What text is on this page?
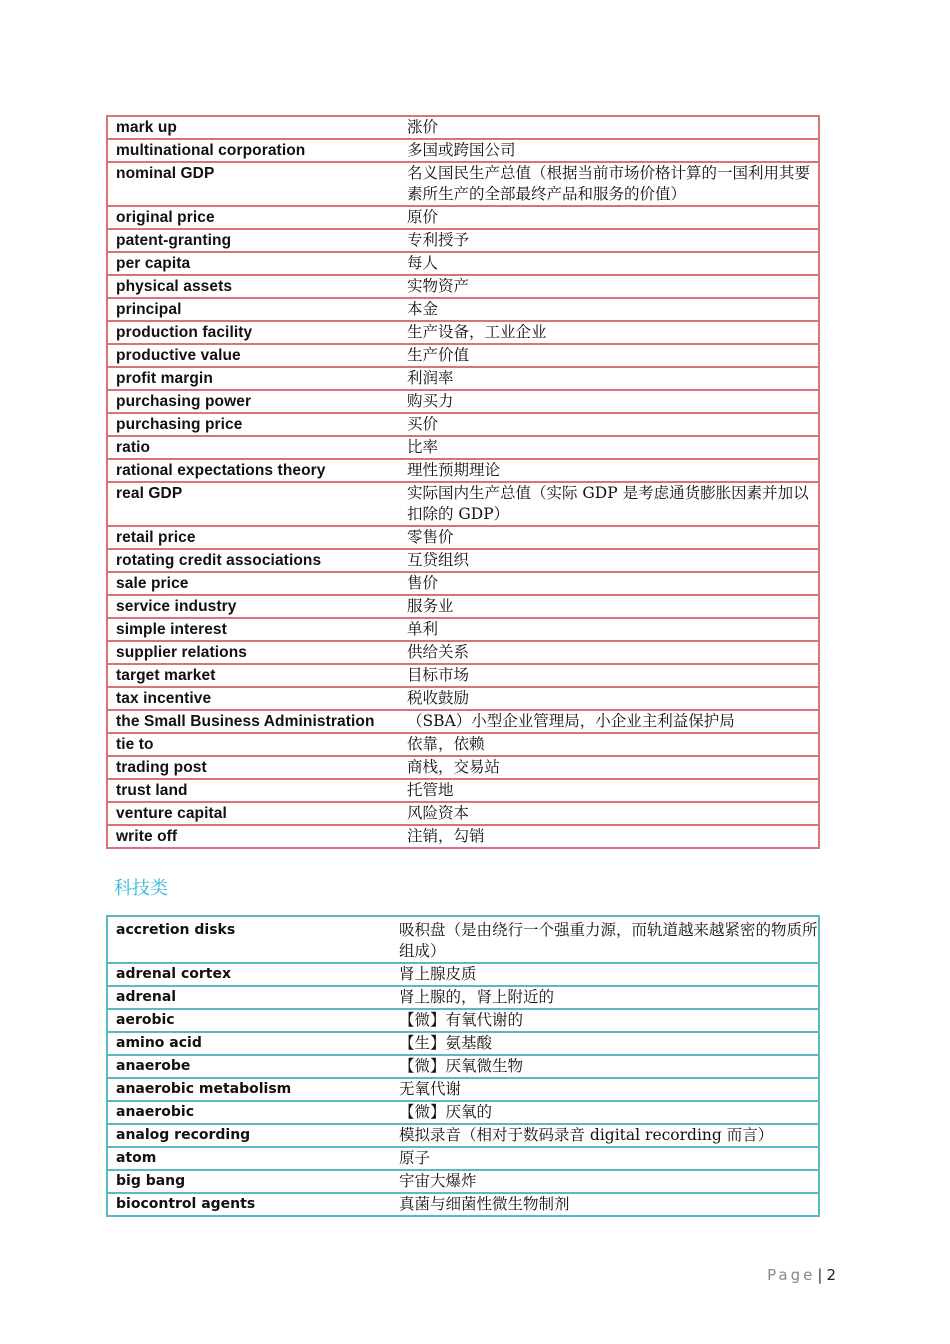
mark up	涨价
multinational corporation	多国或跨国公司
nominal GDP	名义国民生产总值（根据当前市场价格计算的一国利用其要素所生产的全部最终产品和服务的价值）
original price	原价
patent-granting	专利授予
per capita	每人
physical assets	实物资产
principal	本金
production facility	生产设备，工业企业
productive value	生产价值
profit margin	利润率
purchasing power	购买力
purchasing price	买价
ratio	比率
rational expectations theory	理性预期理论
real GDP	实际国内生产总值（实际 GDP 是考虑通货膨胀因素并加以扣除的 GDP）
retail price	零售价
rotating credit associations	互贷组织
sale price	售价
service industry	服务业
simple interest	单利
supplier relations	供给关系
target market	目标市场
tax incentive	税收鼓励
the Small Business Administration	（SBA）小型企业管理局，小企业主利益保护局
tie to	依靠，依赖
trading post	商栈，交易站
trust land	托管地
venture capital	风险资本
write off	注销，勾销
科技类
accretion disks	吸积盘（是由绕行一个强重力源，而轨道越来越紧密的物质所组成）
adrenal cortex	肾上腺皮质
adrenal	肾上腺的，肾上附近的
aerobic	【微】有氧代谢的
amino acid	【生】氨基酸
anaerobe	【微】厌氧微生物
anaerobic metabolism	无氧代谢
anaerobic	【微】厌氧的
analog recording	模拟录音（相对于数码录音 digital recording 而言）
atom	原子
big bang	宇宙大爆炸
biocontrol agents	真菌与细菌性微生物制剂
Page | 2
